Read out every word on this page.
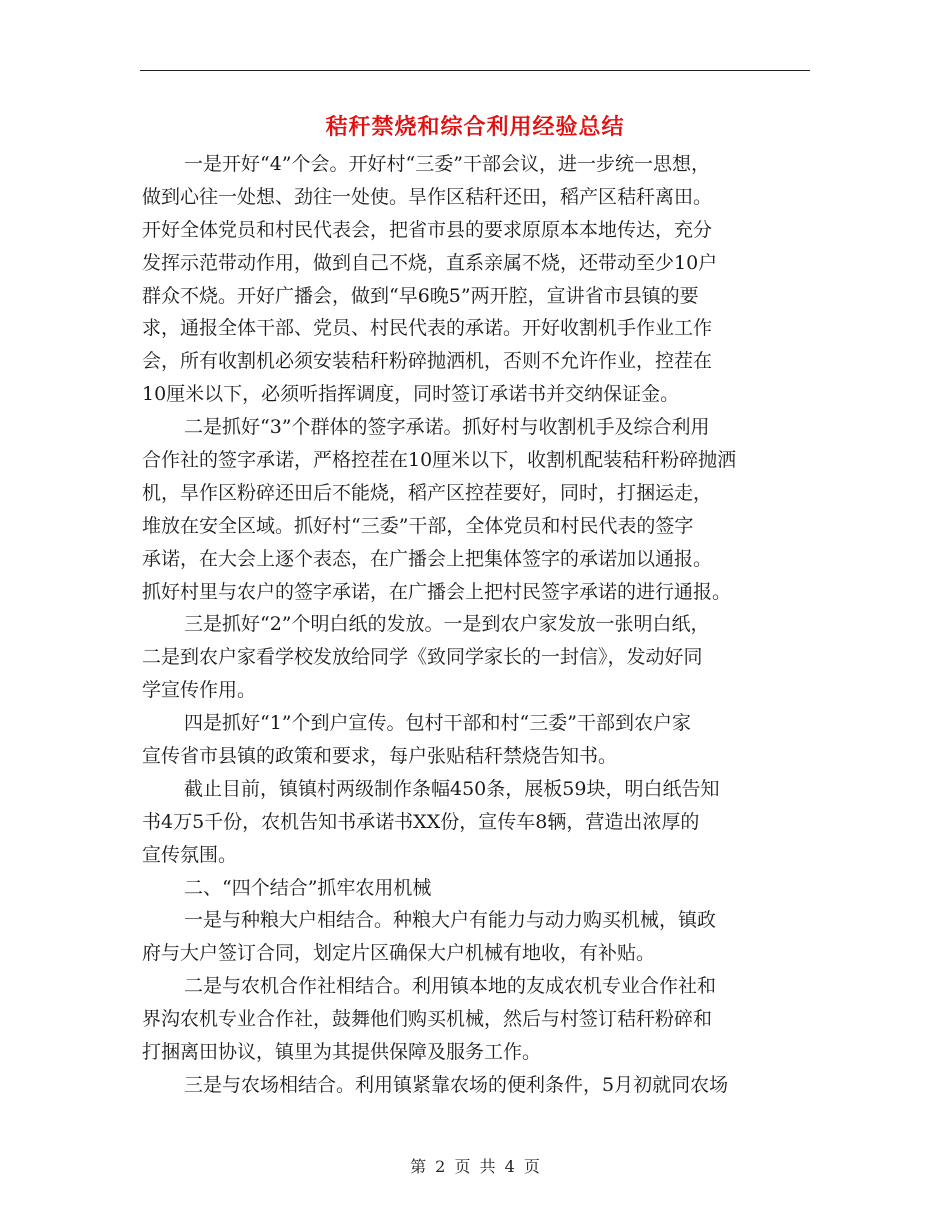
秸秆禁烧和综合利用经验总结
一是开好“4”个会。开好村“三委”干部会议，进一步统一思想，
做到心往一处想、劲往一处使。旱作区秸秆还田，稻产区秸秆离田。
开好全体党员和村民代表会，把省市县的要求原原本本地传达，充分
发挥示范带动作用，做到自己不烧，直系亲属不烧，还带动至少10户
群众不烧。开好广播会，做到“早6晚5”两开腔，宣讲省市县镇的要
求，通报全体干部、党员、村民代表的承诺。开好收割机手作业工作
会，所有收割机必须安装秸秆粉碎抛洒机，否则不允许作业，控茬在
10厘米以下，必须听指挥调度，同时签订承诺书并交纳保证金。
二是抓好“3”个群体的签字承诺。抓好村与收割机手及综合利用
合作社的签字承诺，严格控茬在10厘米以下，收割机配装秸秆粉碎抛洒
机，旱作区粉碎还田后不能烧，稻产区控茬要好，同时，打捆运走，
堆放在安全区域。抓好村“三委”干部，全体党员和村民代表的签字
承诺，在大会上逐个表态，在广播会上把集体签字的承诺加以通报。
抓好村里与农户的签字承诺，在广播会上把村民签字承诺的进行通报。
三是抓好“2”个明白纸的发放。一是到农户家发放一张明白纸，
二是到农户家看学校发放给同学《致同学家长的一封信》，发动好同
学宣传作用。
四是抓好“1”个到户宣传。包村干部和村“三委”干部到农户家
宣传省市县镇的政策和要求，每户张贴秸秆禁烧告知书。
截止目前，镇镇村两级制作条幅450条，展板59块，明白纸告知
书4万5千份，农机告知书承诺书XX份，宣传车8辆，营造出浓厚的
宣传氛围。
二、“四个结合”抓牢农用机械
一是与种粮大户相结合。种粮大户有能力与动力购买机械，镇政
府与大户签订合同，划定片区确保大户机械有地收，有补贴。
二是与农机合作社相结合。利用镇本地的友成农机专业合作社和
界沟农机专业合作社，鼓舞他们购买机械，然后与村签订秸秆粉碎和
打捆离田协议，镇里为其提供保障及服务工作。
三是与农场相结合。利用镇紧靠农场的便利条件，5月初就同农场
第 2 页 共 4 页
